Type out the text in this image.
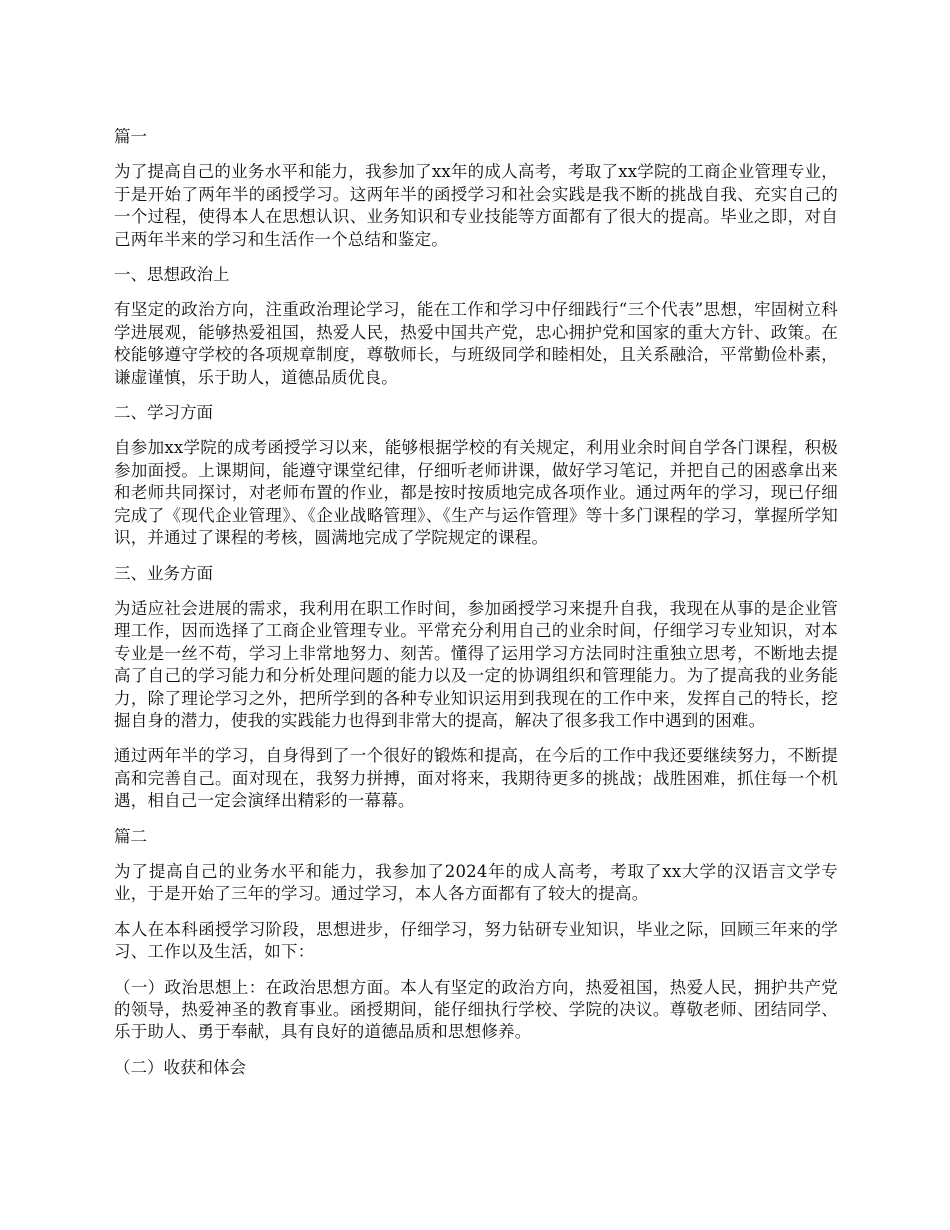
篇一

为了提高自己的业务水平和能力，我参加了xx年的成人高考，考取了xx学院的工商企业管理专业，于是开始了两年半的函授学习。这两年半的函授学习和社会实践是我不断的挑战自我、充实自己的一个过程，使得本人在思想认识、业务知识和专业技能等方面都有了很大的提高。毕业之即，对自己两年半来的学习和生活作一个总结和鉴定。

一、思想政治上

有坚定的政治方向，注重政治理论学习，能在工作和学习中仔细践行“三个代表”思想，牢固树立科学进展观，能够热爱祖国，热爱人民，热爱中国共产党，忠心拥护党和国家的重大方针、政策。在校能够遵守学校的各项规章制度，尊敬师长，与班级同学和睦相处，且关系融洽，平常勤俭朴素，谦虚谨慎，乐于助人，道德品质优良。

二、学习方面

自参加xx学院的成考函授学习以来，能够根据学校的有关规定，利用业余时间自学各门课程，积极参加面授。上课期间，能遵守课堂纪律，仔细听老师讲课，做好学习笔记，并把自己的困惑拿出来和老师共同探讨，对老师布置的作业，都是按时按质地完成各项作业。通过两年的学习，现已仔细完成了《现代企业管理》、《企业战略管理》、《生产与运作管理》等十多门课程的学习，掌握所学知识，并通过了课程的考核，圆满地完成了学院规定的课程。

三、业务方面

为适应社会进展的需求，我利用在职工作时间，参加函授学习来提升自我，我现在从事的是企业管理工作，因而选择了工商企业管理专业。平常充分利用自己的业余时间，仔细学习专业知识，对本专业是一丝不苟，学习上非常地努力、刻苦。懂得了运用学习方法同时注重独立思考，不断地去提高了自己的学习能力和分析处理问题的能力以及一定的协调组织和管理能力。为了提高我的业务能力，除了理论学习之外，把所学到的各种专业知识运用到我现在的工作中来，发挥自己的特长，挖掘自身的潜力，使我的实践能力也得到非常大的提高，解决了很多我工作中遇到的困难。

通过两年半的学习，自身得到了一个很好的锻炼和提高，在今后的工作中我还要继续努力，不断提高和完善自己。面对现在，我努力拼搏，面对将来，我期待更多的挑战；战胜困难，抓住每一个机遇，相自己一定会演绎出精彩的一幕幕。

篇二

为了提高自己的业务水平和能力，我参加了2024年的成人高考，考取了xx大学的汉语言文学专业，于是开始了三年的学习。通过学习，本人各方面都有了较大的提高。

本人在本科函授学习阶段，思想进步，仔细学习，努力钻研专业知识，毕业之际，回顾三年来的学习、工作以及生活，如下：

（一）政治思想上：在政治思想方面。本人有坚定的政治方向，热爱祖国，热爱人民，拥护共产党的领导，热爱神圣的教育事业。函授期间，能仔细执行学校、学院的决议。尊敬老师、团结同学、乐于助人、勇于奉献，具有良好的道德品质和思想修养。

（二）收获和体会
